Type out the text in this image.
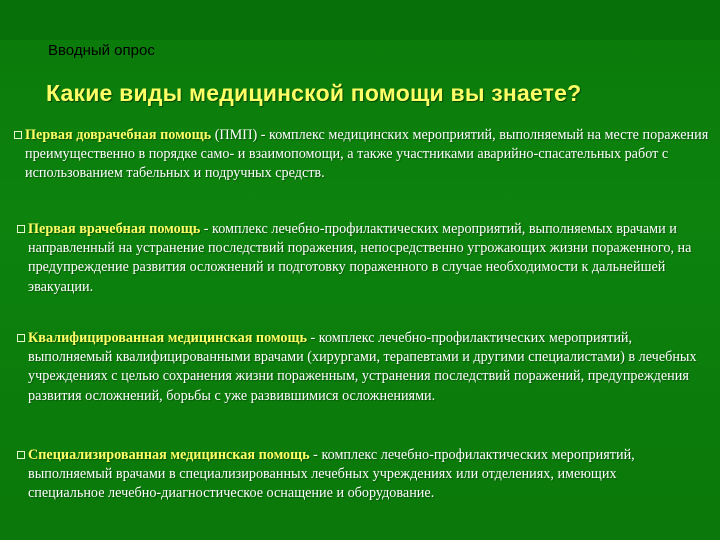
Вводный опрос
Какие виды медицинской помощи вы знаете?
Первая доврачебная помощь (ПМП) - комплекс медицинских мероприятий, выполняемый на месте поражения преимущественно в порядке само- и взаимопомощи, а также участниками аварийно-спасательных работ с использованием табельных и подручных средств.
Первая врачебная помощь - комплекс лечебно-профилактических мероприятий, выполняемых врачами и направленный на устранение последствий поражения, непосредственно угрожающих жизни пораженного, на предупреждение развития осложнений и подготовку пораженного в случае необходимости к дальнейшей эвакуации.
Квалифицированная медицинская помощь - комплекс лечебно-профилактических мероприятий, выполняемый квалифицированными врачами (хирургами, терапевтами и другими специалистами) в лечебных учреждениях с целью сохранения жизни пораженным, устранения последствий поражений, предупреждения развития осложнений, борьбы с уже развившимися осложнениями.
Специализированная медицинская помощь - комплекс лечебно-профилактических мероприятий, выполняемый врачами в специализированных лечебных учреждениях или отделениях, имеющих специальное лечебно-диагностическое оснащение и оборудование.
